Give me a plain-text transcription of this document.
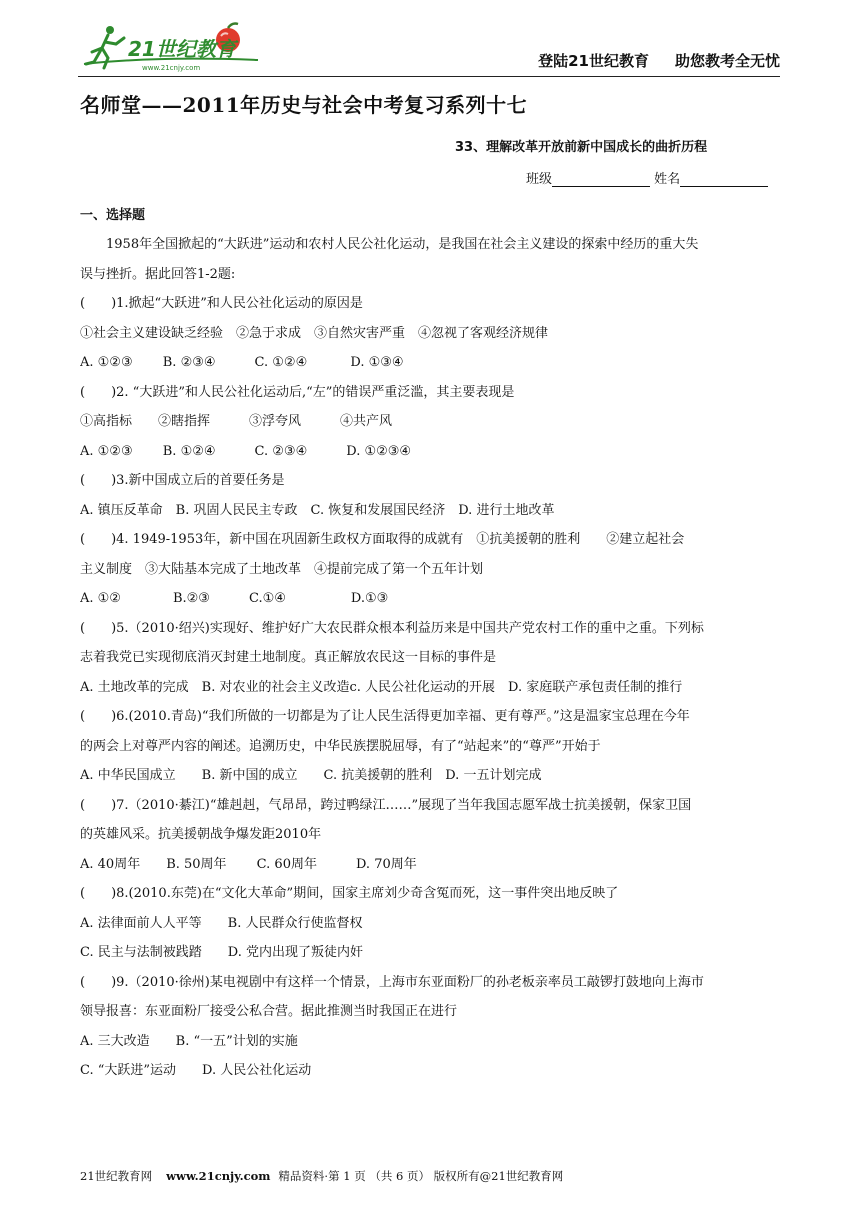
21世纪教育
www.21cnjy.com	登陆21世纪教育 助您教考全无忧
名师堂——2011年历史与社会中考复习系列十七
33、理解改革开放前新中国成长的曲折历程
班级	姓名
一、选择题
1958年全国掀起的“大跃进”运动和农村人民公社化运动，是我国在社会主义建设的探索中经历的重大失
误与挫折。据此回答1-2题:
(　　)1.掀起“大跃进”和人民公社化运动的原因是
①社会主义建设缺乏经验　②急于求成　③自然灾害严重　④忽视了客观经济规律
A. ①②③　　 B. ②③④　　　C. ①②④　　　 D. ①③④
(　　)2. “大跃进”和人民公社化运动后,“左”的错误严重泛滥，其主要表现是
①高指标　　②瞎指挥　　　③浮夸风　　　④共产风
A. ①②③　　 B. ①②④　　　C. ②③④　　　D. ①②③④
(　　)3.新中国成立后的首要任务是
A. 镇压反革命　B. 巩固人民民主专政　C. 恢复和发展国民经济　D. 进行土地改革
(　　)4. 1949-1953年，新中国在巩固新生政权方面取得的成就有　①抗美援朝的胜利　　②建立起社会
主义制度　③大陆基本完成了土地改革　④提前完成了第一个五年计划
A. ①②　　　　B.②③　　　C.①④　　　　　D.①③
(　　)5.（2010·绍兴)实现好、维护好广大农民群众根本利益历来是中国共产党农村工作的重中之重。下列标
志着我党已实现彻底消灭封建土地制度。真正解放农民这一目标的事件是
A. 土地改革的完成　B. 对农业的社会主义改造c. 人民公社化运动的开展　D. 家庭联产承包责任制的推行
(　　)6.(2010.青岛)“我们所做的一切都是为了让人民生活得更加幸福、更有尊严。”这是温家宝总理在今年
的两会上对尊严内容的阐述。追溯历史，中华民族摆脱屈辱，有了“站起来”的“尊严”开始于
A. 中华民国成立　　B. 新中国的成立　　C. 抗美援朝的胜利　D. 一五计划完成
(　　)7.（2010·綦江)“雄赳赳，气昂昂，跨过鸭绿江……”展现了当年我国志愿军战士抗美援朝，保家卫国
的英雄风采。抗美援朝战争爆发距2010年
A. 40周年　　B. 50周年　　 C. 60周年　　　D. 70周年
(　　)8.(2010.东莞)在“文化大革命”期间，国家主席刘少奇含冤而死，这一事件突出地反映了
A. 法律面前人人平等　　B. 人民群众行使监督权
C. 民主与法制被践踏　　D. 党内出现了叛徒内奸
(　　)9.（2010·徐州)某电视剧中有这样一个情景，上海市东亚面粉厂的孙老板亲率员工敲锣打鼓地向上海市
领导报喜：东亚面粉厂接受公私合营。据此推测当时我国正在进行
A. 三大改造　　B. “一五”计划的实施
C. “大跃进”运动　　D. 人民公社化运动
21世纪教育网 www.21cnjy.com 精品资料·第 1 页 （共 6 页） 版权所有@21世纪教育网
